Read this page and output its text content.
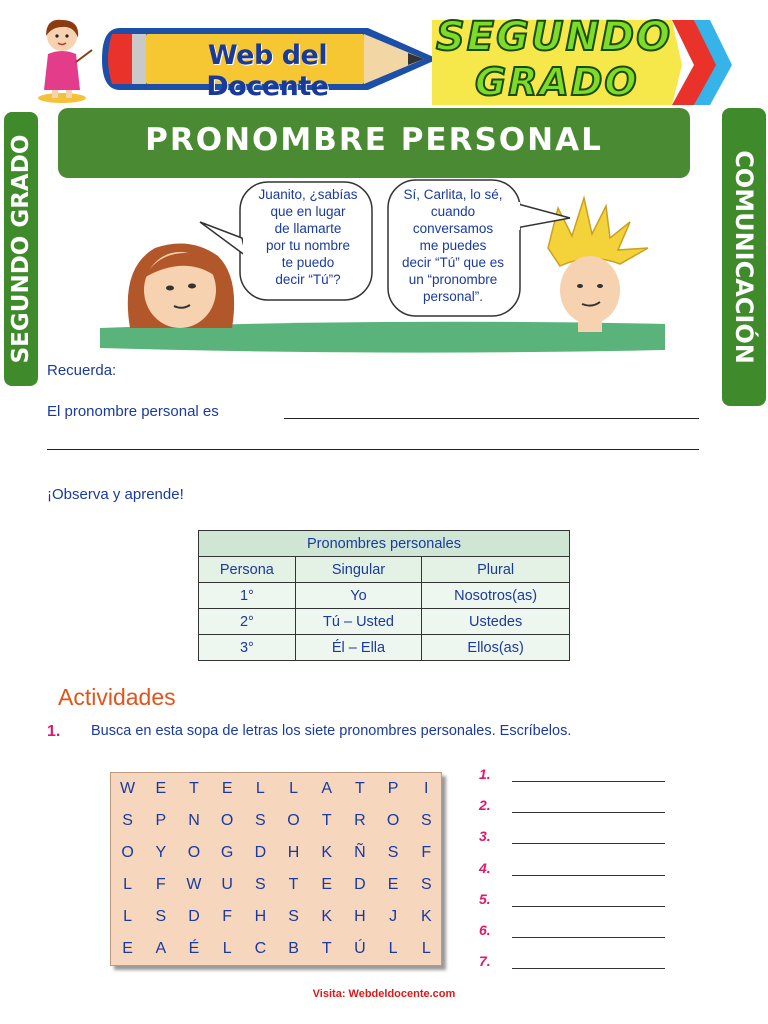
Web del Docente
SEGUNDO
GRADO
SEGUNDO GRADO	COMUNICACIÓN
PRONOMBRE PERSONAL
Juanito, ¿sabías
que en lugar
de llamarte
por tu nombre
te puedo
decir “Tú”?
Sí, Carlita, lo sé,
cuando
conversamos
me puedes
decir “Tú” que es
un “pronombre
personal”.
Recuerda:
El pronombre personal es
¡Observa y aprende!
Pronombres personales		
Persona	Singular	Plural
1°	Yo	Nosotros(as)
2°	Tú – Usted	Ustedes
3°	Él – Ella	Ellos(as)
Actividades
1. Busca en esta sopa de letras los siete pronombres personales. Escríbelos.
W	E	T	E	L	L	A	T	P	I
S	P	N	O	S	O	T	R	O	S
O	Y	O	G	D	H	K	Ñ	S	F
L	F	W	U	S	T	E	D	E	S
L	S	D	F	H	S	K	H	J	K
E	A	É	L	C	B	T	Ú	L	L
1.
2.
3.
4.
5.
6.
7.
Visita: Webdeldocente.com
